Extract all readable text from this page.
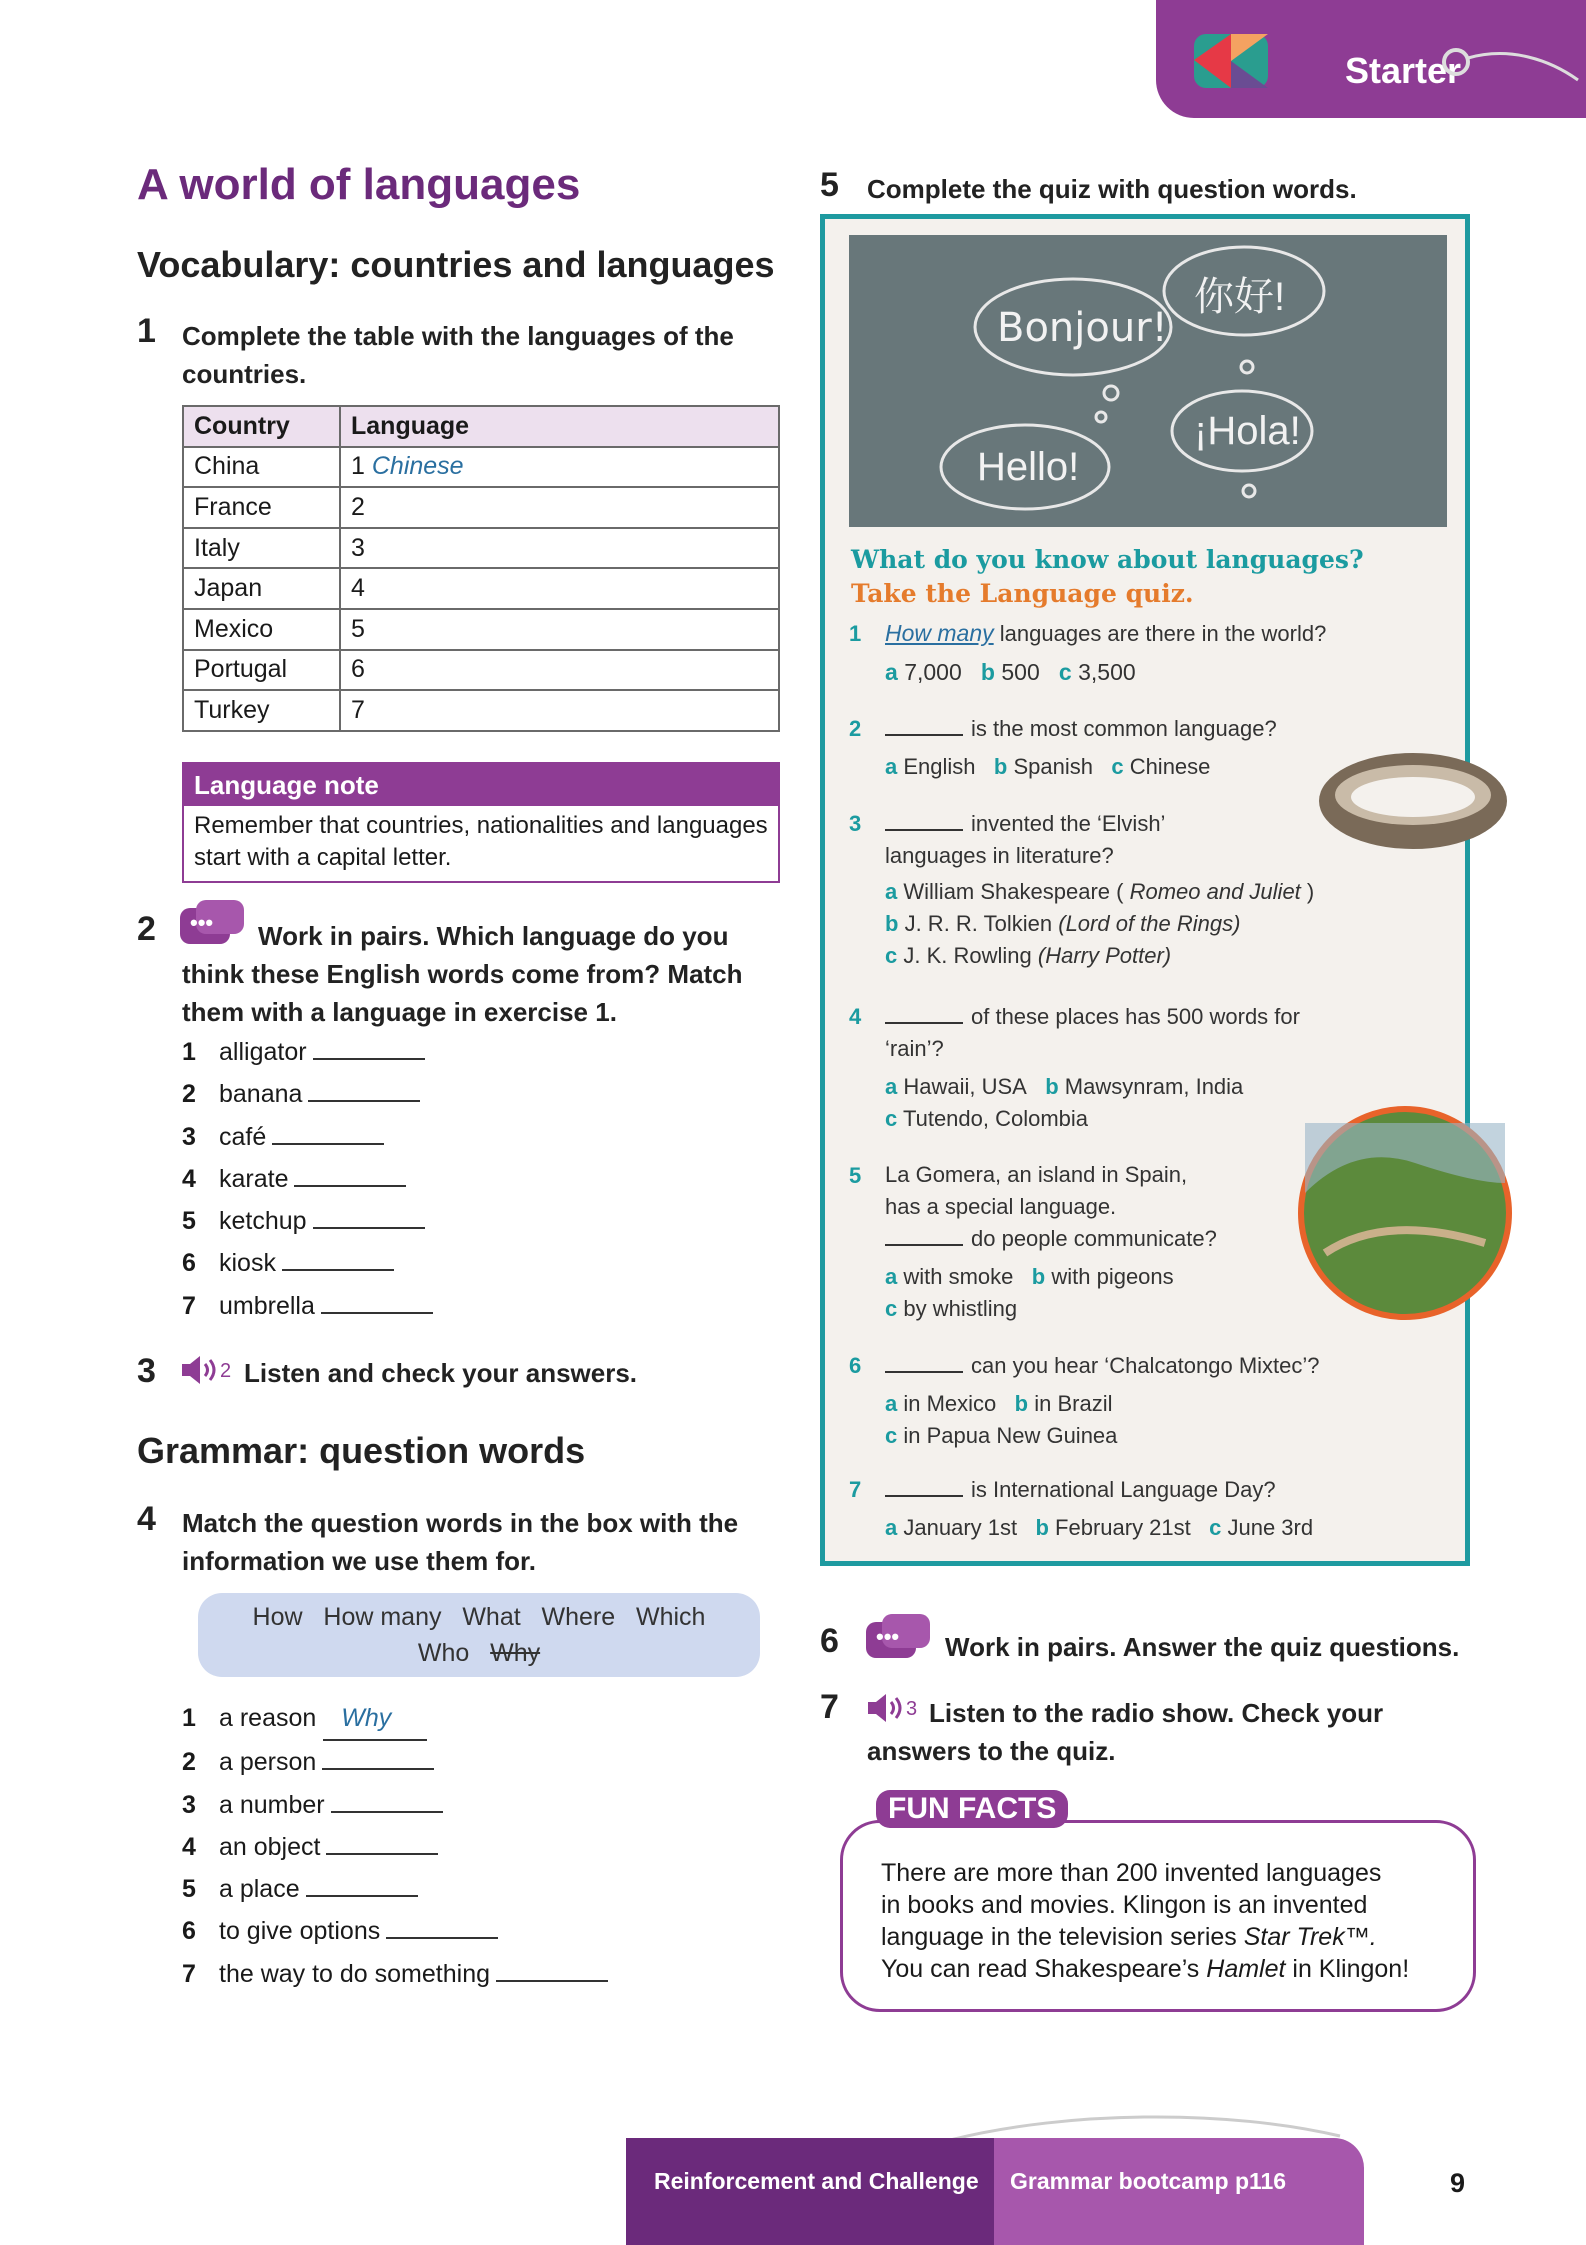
Starter
A world of languages
Vocabulary: countries and languages
1 Complete the table with the languages of the countries.
Country	Language
China	1 Chinese
France	2
Italy	3
Japan	4
Mexico	5
Portugal	6
Turkey	7
Language note
Remember that countries, nationalities and languages start with a capital letter.
2 •••	Work in pairs. Which language do you think these English words come from? Match them with a language in exercise 1.
1 alligator
2 banana
3 café
4 karate
5 ketchup
6 kiosk
7 umbrella
3	2 Listen and check your answers.
Grammar: question words
4 Match the question words in the box with the information we use them for.
How   How many   What   Where   Which
Who Why
1 a reason Why
2 a person
3 a number
4 an object
5 a place
6 to give options
7 the way to do something
5 Complete the quiz with question words.
Bonjour!
你好!
Hello!
¡Hola!
What do you know about languages?
Take the Language quiz.
1 How many languages are there in the world?
a 7,000 b 500 c 3,500
2	is the most common language?
a English b Spanish c Chinese
3	invented the ‘Elvish’
languages in literature?
a William Shakespeare ( Romeo and Juliet )
b J. R. R. Tolkien (Lord of the Rings)
c J. K. Rowling (Harry Potter)
4	of these places has 500 words for
‘rain’?
a Hawaii, USA b Mawsynram, India
c Tutendo, Colombia
5 La Gomera, an island in Spain,
has a special language.
do people communicate?
a with smoke b with pigeons
c by whistling
6	can you hear ‘Chalcatongo Mixtec’?
a in Mexico b in Brazil
c in Papua New Guinea
7	is International Language Day?
a January 1st b February 21st c June 3rd
6 ••• Work in pairs. Answer the quiz questions.
7	3 Listen to the radio show. Check your answers to the quiz.
There are more than 200 invented languages
in books and movies. Klingon is an invented
language in the television series Star Trek™.
You can read Shakespeare’s Hamlet in Klingon!
FUN FACTS
Reinforcement and Challenge	Grammar bootcamp p116	9
